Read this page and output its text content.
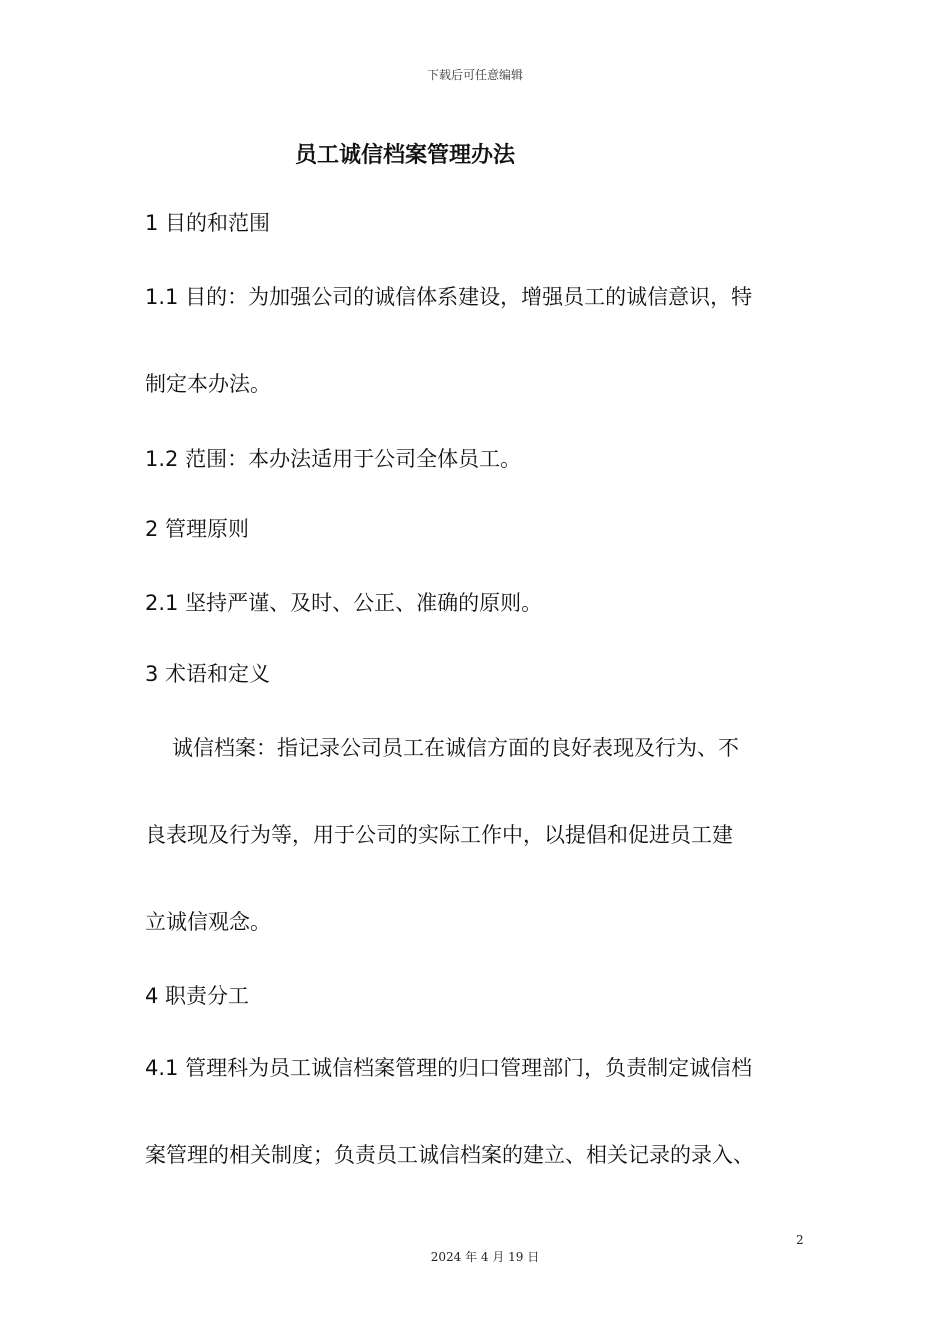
下载后可任意编辑
员工诚信档案管理办法
1 目的和范围
1.1 目的：为加强公司的诚信体系建设，增强员工的诚信意识，特
制定本办法。
1.2 范围：本办法适用于公司全体员工。
2 管理原则
2.1 坚持严谨、及时、公正、准确的原则。
3 术语和定义
诚信档案：指记录公司员工在诚信方面的良好表现及行为、不
良表现及行为等，用于公司的实际工作中，以提倡和促进员工建
立诚信观念。
4 职责分工
4.1 管理科为员工诚信档案管理的归口管理部门，负责制定诚信档
案管理的相关制度；负责员工诚信档案的建立、相关记录的录入、
2
2024 年 4 月 19 日
